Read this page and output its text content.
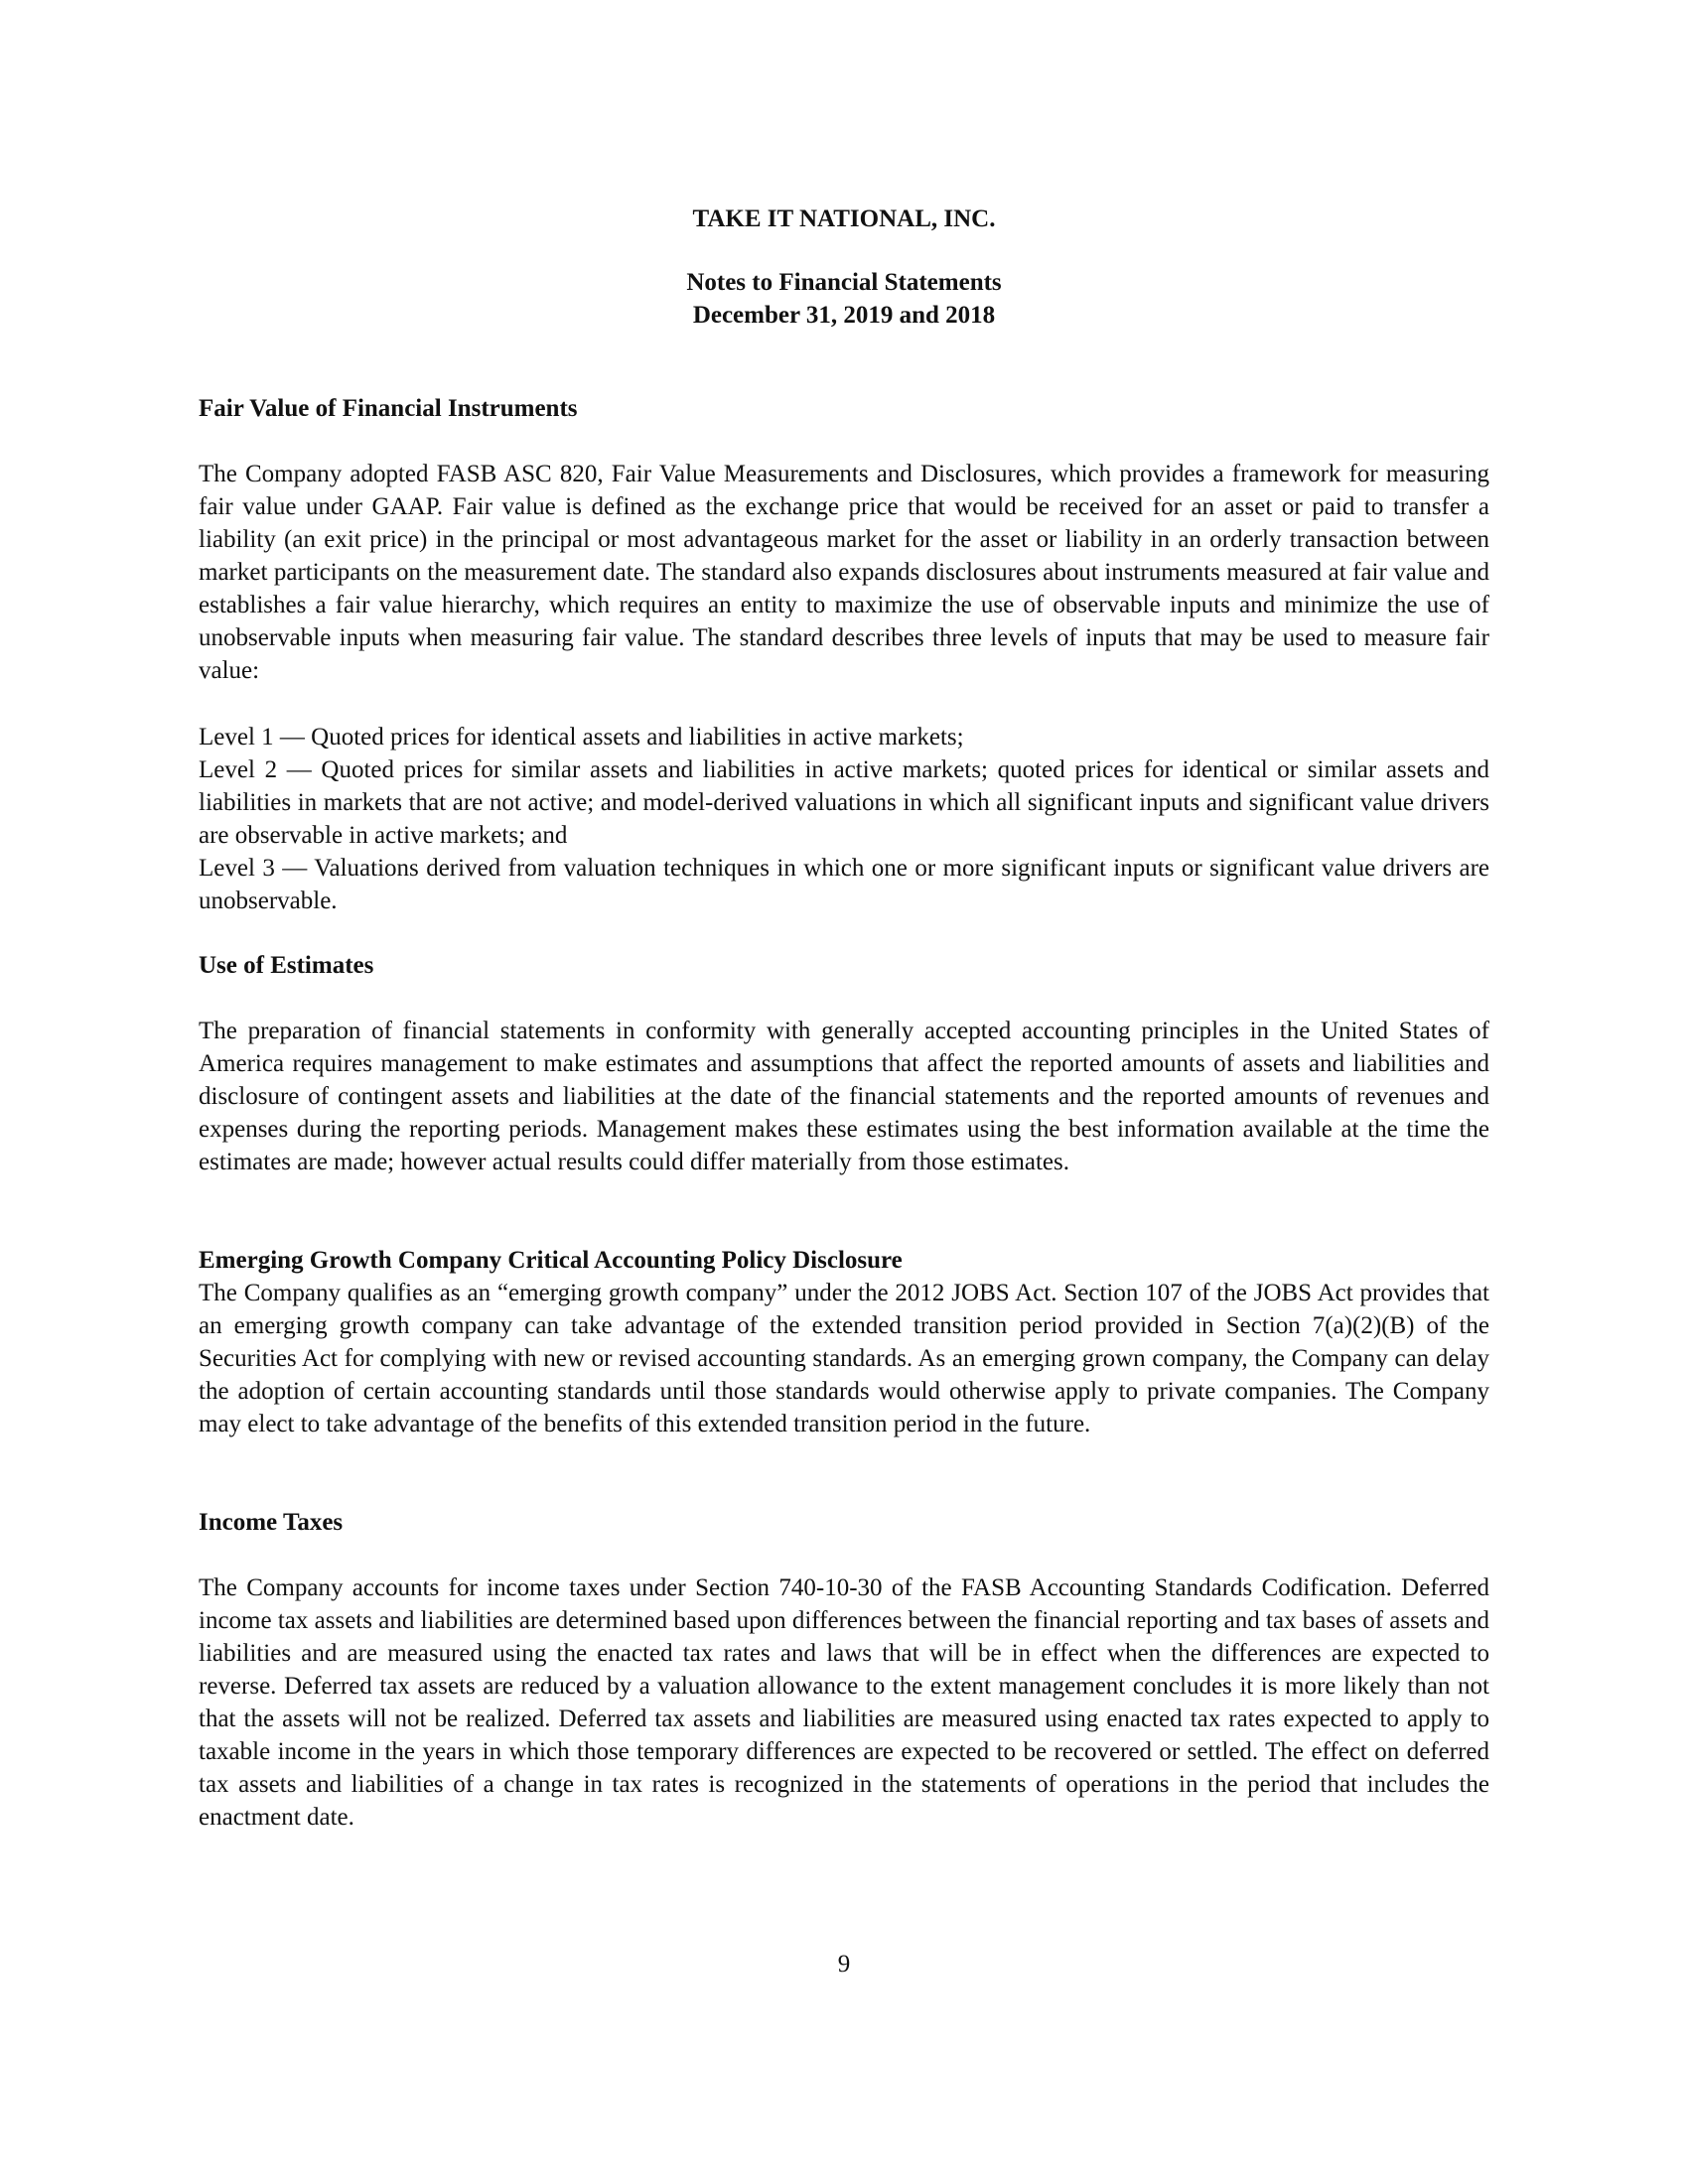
TAKE IT NATIONAL, INC.
Notes to Financial Statements
December 31, 2019 and 2018
Fair Value of Financial Instruments

The Company adopted FASB ASC 820, Fair Value Measurements and Disclosures, which provides a framework for measuring fair value under GAAP. Fair value is defined as the exchange price that would be received for an asset or paid to transfer a liability (an exit price) in the principal or most advantageous market for the asset or liability in an orderly transaction between market participants on the measurement date. The standard also expands disclosures about instruments measured at fair value and establishes a fair value hierarchy, which requires an entity to maximize the use of observable inputs and minimize the use of unobservable inputs when measuring fair value. The standard describes three levels of inputs that may be used to measure fair value:

Level 1 — Quoted prices for identical assets and liabilities in active markets;
Level 2 — Quoted prices for similar assets and liabilities in active markets; quoted prices for identical or similar assets and liabilities in markets that are not active; and model-derived valuations in which all significant inputs and significant value drivers are observable in active markets; and
Level 3 — Valuations derived from valuation techniques in which one or more significant inputs or significant value drivers are unobservable.
Use of Estimates

The preparation of financial statements in conformity with generally accepted accounting principles in the United States of America requires management to make estimates and assumptions that affect the reported amounts of assets and liabilities and disclosure of contingent assets and liabilities at the date of the financial statements and the reported amounts of revenues and expenses during the reporting periods. Management makes these estimates using the best information available at the time the estimates are made; however actual results could differ materially from those estimates.

Emerging Growth Company Critical Accounting Policy Disclosure

The Company qualifies as an “emerging growth company” under the 2012 JOBS Act. Section 107 of the JOBS Act provides that an emerging growth company can take advantage of the extended transition period provided in Section 7(a)(2)(B) of the Securities Act for complying with new or revised accounting standards. As an emerging grown company, the Company can delay the adoption of certain accounting standards until those standards would otherwise apply to private companies. The Company may elect to take advantage of the benefits of this extended transition period in the future.

Income Taxes

The Company accounts for income taxes under Section 740-10-30 of the FASB Accounting Standards Codification. Deferred income tax assets and liabilities are determined based upon differences between the financial reporting and tax bases of assets and liabilities and are measured using the enacted tax rates and laws that will be in effect when the differences are expected to reverse. Deferred tax assets are reduced by a valuation allowance to the extent management concludes it is more likely than not that the assets will not be realized. Deferred tax assets and liabilities are measured using enacted tax rates expected to apply to taxable income in the years in which those temporary differences are expected to be recovered or settled. The effect on deferred tax assets and liabilities of a change in tax rates is recognized in the statements of operations in the period that includes the enactment date.

9
